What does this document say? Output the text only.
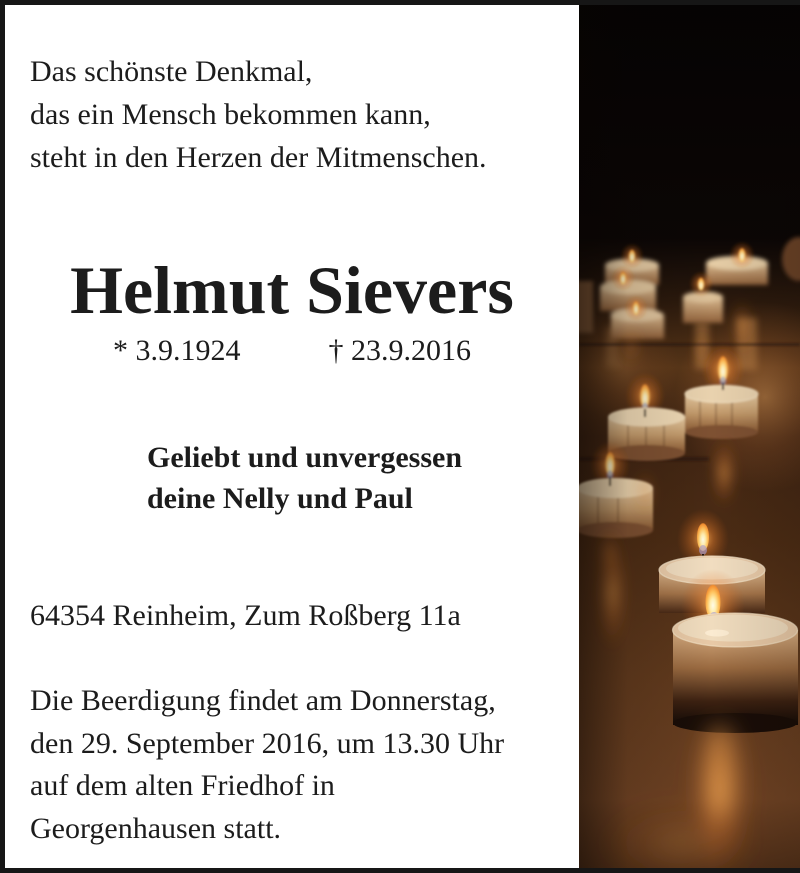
Das schönste Denkmal,
das ein Mensch bekommen kann,
steht in den Herzen der Mitmenschen.
Helmut Sievers
* 3.9.1924	† 23.9.2016
Geliebt und unvergessen
deine Nelly und Paul
64354 Reinheim, Zum Roßberg 11a
Die Beerdigung findet am Donnerstag,
den 29. September 2016, um 13.30 Uhr
auf dem alten Friedhof in
Georgenhausen statt.
